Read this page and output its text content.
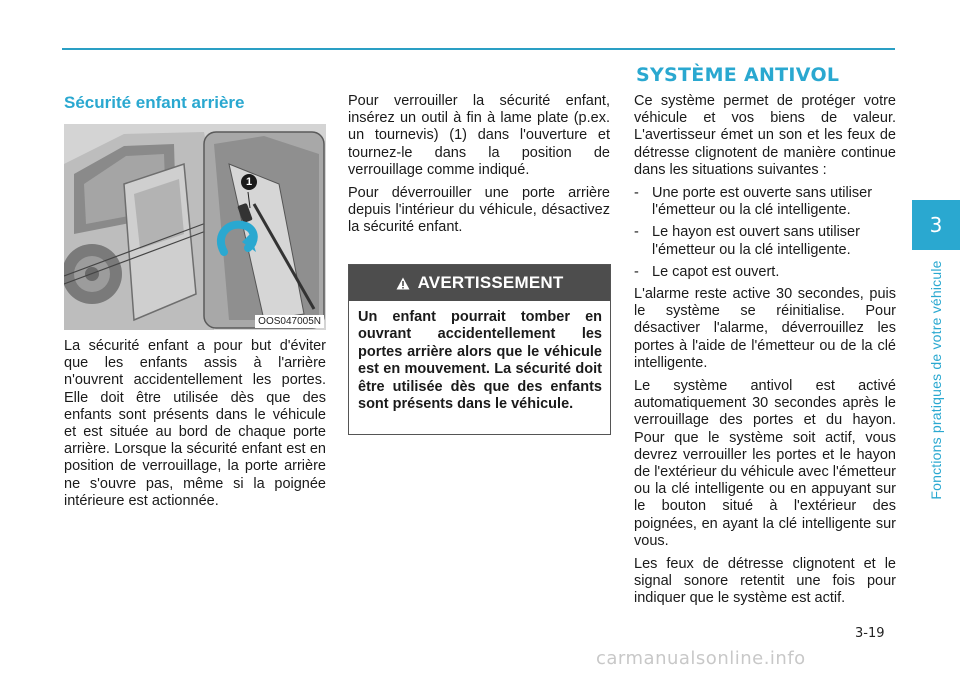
SYSTÈME ANTIVOL
Sécurité enfant arrière
1
OOS047005N

La sécurité enfant a pour but d'éviter que les enfants assis à l'arrière n'ouvrent accidentellement les portes. Elle doit être utilisée dès que des enfants sont présents dans le véhicule et est située au bord de chaque porte arrière. Lorsque la sécurité enfant est en position de verrouillage, la porte arrière ne s'ouvre pas, même si la poignée intérieure est actionnée.

Pour verrouiller la sécurité enfant, insérez un outil à fin à lame plate (p.ex. un tournevis) (1) dans l'ouverture et tournez-le dans la position de verrouillage comme indiqué.

Pour déverrouiller une porte arrière depuis l'intérieur du véhicule, désactivez la sécurité enfant.

AVERTISSEMENT
Un enfant pourrait tomber en ouvrant accidentellement les portes arrière alors que le véhicule est en mouvement. La sécurité doit être utilisée dès que des enfants sont présents dans le véhicule.

Ce système permet de protéger votre véhicule et vos biens de valeur. L'avertisseur émet un son et les feux de détresse clignotent de manière continue dans les situations suivantes :

- Une porte est ouverte sans utiliser l'émetteur ou la clé intelligente.
- Le hayon est ouvert sans utiliser l'émetteur ou la clé intelligente.
- Le capot est ouvert.

L'alarme reste active 30 secondes, puis le système se réinitialise. Pour désactiver l'alarme, déverrouillez les portes à l'aide de l'émetteur ou de la clé intelligente.

Le système antivol est activé automatiquement 30 secondes après le verrouillage des portes et du hayon. Pour que le système soit actif, vous devrez verrouiller les portes et le hayon de l'extérieur du véhicule avec l'émetteur ou la clé intelligente ou en appuyant sur le bouton situé à l'extérieur des poignées, en ayant la clé intelligente sur vous.

Les feux de détresse clignotent et le signal sonore retentit une fois pour indiquer que le système est actif.

3
Fonctions pratiques de votre véhicule
3-19
carmanualsonline.info
